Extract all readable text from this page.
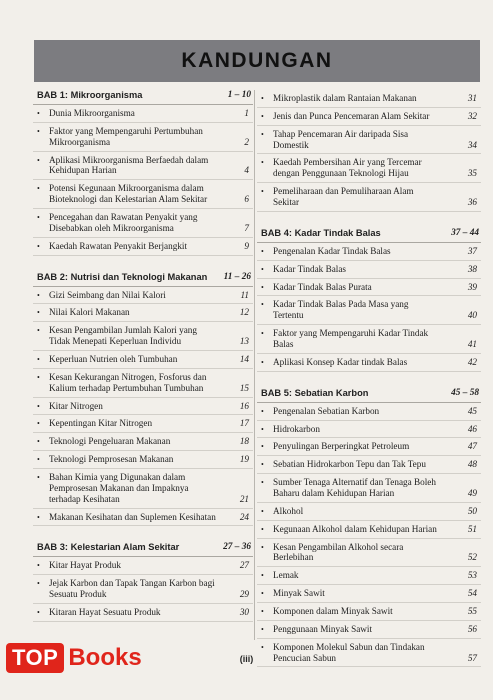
KANDUNGAN
BAB 1: Mikroorganisma	1 – 10
• Dunia Mikroorganisma	1
• Faktor yang Mempengaruhi Pertumbuhan Mikroorganisma	2
• Aplikasi Mikroorganisma Berfaedah dalam Kehidupan Harian	4
• Potensi Kegunaan Mikroorganisma dalam Bioteknologi dan Kelestarian Alam Sekitar	6
• Pencegahan dan Rawatan Penyakit yang Disebabkan oleh Mikroorganisma	7
• Kaedah Rawatan Penyakit Berjangkit	9
BAB 2: Nutrisi dan Teknologi Makanan 11 – 26
• Gizi Seimbang dan Nilai Kalori	11
• Nilai Kalori Makanan	12
• Kesan Pengambilan Jumlah Kalori yang Tidak Menepati Keperluan Individu	13
• Keperluan Nutrien oleh Tumbuhan	14
• Kesan Kekurangan Nitrogen, Fosforus dan Kalium terhadap Pertumbuhan Tumbuhan	15
• Kitar Nitrogen	16
• Kepentingan Kitar Nitrogen	17
• Teknologi Pengeluaran Makanan	18
• Teknologi Pemprosesan Makanan	19
• Bahan Kimia yang Digunakan dalam Pemprosesan Makanan dan Impaknya terhadap Kesihatan	21
• Makanan Kesihatan dan Suplemen Kesihatan	24
BAB 3: Kelestarian Alam Sekitar	27 – 36
• Kitar Hayat Produk	27
• Jejak Karbon dan Tapak Tangan Karbon bagi Sesuatu Produk	29
• Kitaran Hayat Sesuatu Produk	30
• Mikroplastik dalam Rantaian Makanan	31
• Jenis dan Punca Pencemaran Alam Sekitar	32
• Tahap Pencemaran Air daripada Sisa Domestik	34
• Kaedah Pembersihan Air yang Tercemar dengan Penggunaan Teknologi Hijau	35
• Pemeliharaan dan Pemuliharaan Alam Sekitar	36
BAB 4: Kadar Tindak Balas	37 – 44
• Pengenalan Kadar Tindak Balas	37
• Kadar Tindak Balas	38
• Kadar Tindak Balas Purata	39
• Kadar Tindak Balas Pada Masa yang Tertentu	40
• Faktor yang Mempengaruhi Kadar Tindak Balas	41
• Aplikasi Konsep Kadar tindak Balas	42
BAB 5: Sebatian Karbon	45 – 58
• Pengenalan Sebatian Karbon	45
• Hidrokarbon	46
• Penyulingan Berperingkat Petroleum	47
• Sebatian Hidrokarbon Tepu dan Tak Tepu	48
• Sumber Tenaga Alternatif dan Tenaga Boleh Baharu dalam Kehidupan Harian	49
• Alkohol	50
• Kegunaan Alkohol dalam Kehidupan Harian	51
• Kesan Pengambilan Alkohol secara Berlebihan	52
• Lemak	53
• Minyak Sawit	54
• Komponen dalam Minyak Sawit	55
• Penggunaan Minyak Sawit	56
• Komponen Molekul Sabun dan Tindakan Pencucian Sabun	57
(iii)
TOP Books
